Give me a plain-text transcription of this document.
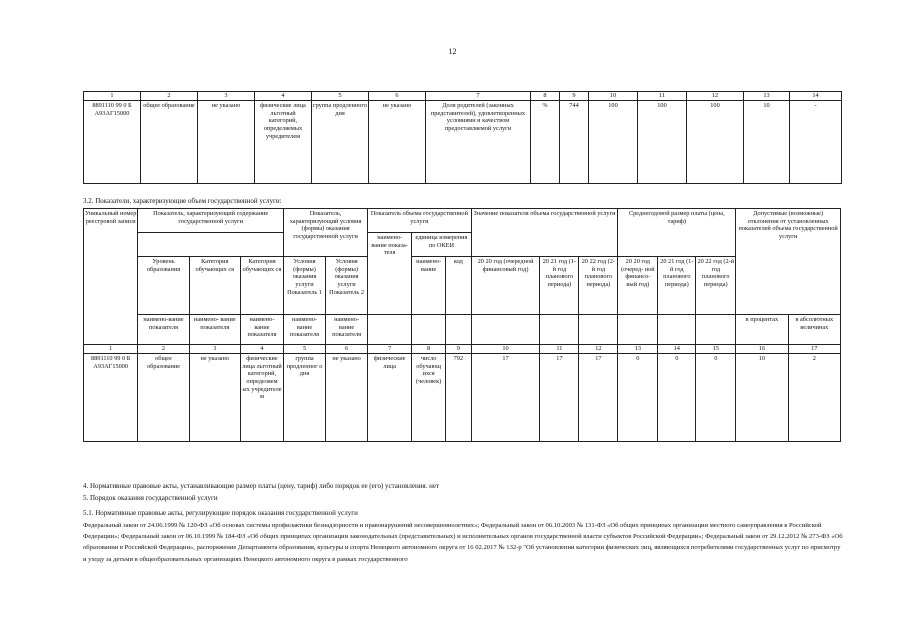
12
1	2	3	4	5	6	7	8	9	10	11	12	13	14
8891110 99 0 Б А93АГ15000	общее образование	не указано	физические лица льготный категорий, определяемых учредителем	группа продленного дня	не указано	Доля родителей (законных представителей), удовлетворенных условиями и качеством предоставляемой услуги	%	744	100	100	100	10	-
3.2. Показатели, характеризующие объем государственной услуги:
Уникальный номер реестровой записи	Показатель, характеризующий содержание государственной услуги			Показатель, характеризующий условия (формы) оказания государственной услуги		Показатель объема государственной услуги			Значение показателя объема государственной услуги			Среднегодовой размер платы (цена, тариф)			Допустимые (возможные) отклонения от установленных показателей объема государственной услуги	
						наимено- вание показа- теля	единица измерения по ОКЕИ									
	Уровень образования	Категория обучающих ся	Категория обучающих ся	Условия (формы) оказания услуги Показатель 1	Условия (формы) оказания услуги Показатель 2		наимено- вание	код	20 20 год (очередной финансовый год)	20 21 год (1-й год планового периода)	20 22 год (2-й год планового периода)	20 20 год (очеред- ной финансо- вый год)	20 21 год (1-й год планового периода)	20 22 год (2-й год планового периода)		
	наимено-вание показателя	наимено- вание показателя	наимено- вание показателя	наимено- вание показателя	наимено- вание показателя										в процентах	в абсолютных величинах
1	2	3	4	5	6	7	8	9	10	11	12	13	14	15	16	17
8891110 99 0 Б А93АГ15000	общее образование	не указано	физические лица льготный категорий, определяем ых учредителе м	группа продленног о дня	не указано	физические лица	число обучающ ихся (человек)	792	17	17	17	0	0	0	10	2
4. Нормативные правовые акты, устанавливающие размер платы (цену, тариф) либо порядок ее (его) установления. нет
5. Порядок оказания государственной услуги
5.1. Нормативные правовые акты, регулирующие порядок оказания государственной услуги
Федеральный закон от 24.06.1999 № 120-ФЗ «Об основах системы профилактики безнадзорности и правонарушений несовершеннолетних»; Федеральный закон от 06.10.2003 № 131-ФЗ «Об общих принципах организации местного самоуправления в Российской Федерации»; Федеральный закон от 06.10.1999 № 184-ФЗ «Об общих принципах организации законодательных (представительных) и исполнительных органов государственной власти субъектов Российской Федерации»; Федеральный закон от 29.12.2012 № 273-ФЗ «Об образовании в Российской Федерации», распоряжение Департамента образования, культуры и спорта Ненецкого автономного округа от 16 02.2017 № 132-р "Об установлении категории физических лиц, являющихся потребителями государственных услуг по присмотру и уходу за детьми в общеобразовательных организациях Ненецкого автономного округа в рамках государственного
